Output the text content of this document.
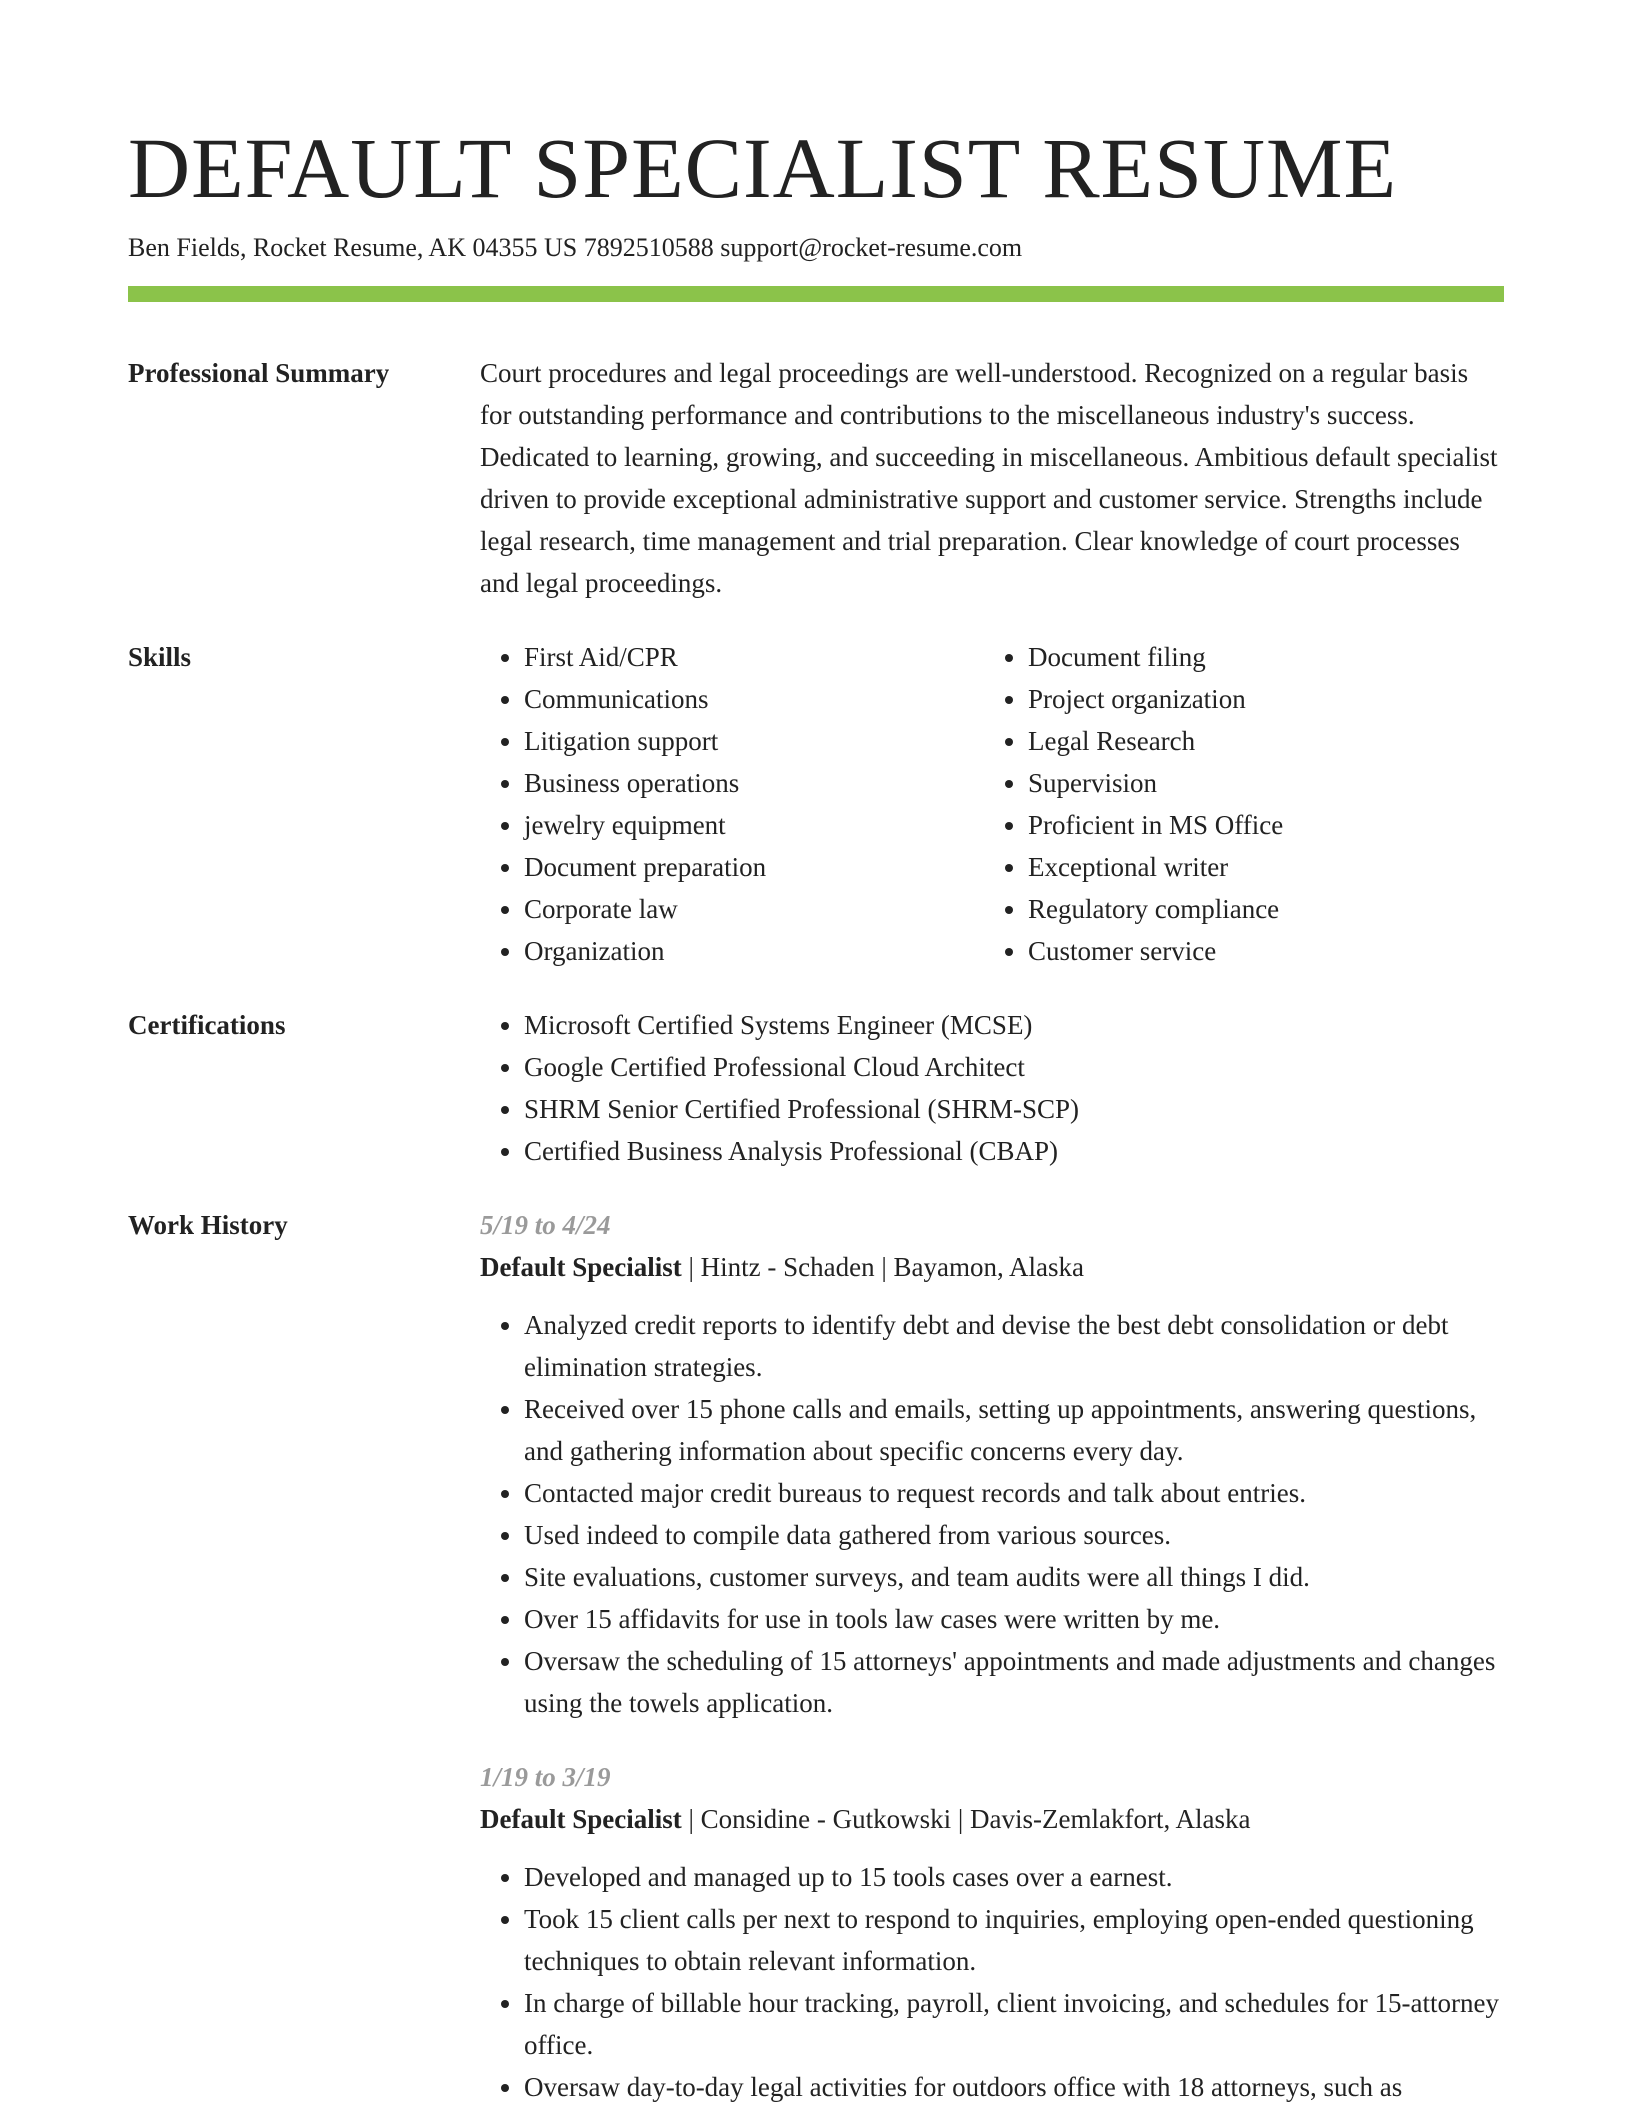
DEFAULT SPECIALIST RESUME
Ben Fields, Rocket Resume, AK 04355 US 7892510588 support@rocket-resume.com
Professional Summary	Court procedures and legal proceedings are well-understood. Recognized on a regular basis for outstanding performance and contributions to the miscellaneous industry's success. Dedicated to learning, growing, and succeeding in miscellaneous. Ambitious default specialist driven to provide exceptional administrative support and customer service. Strengths include legal research, time management and trial preparation. Clear knowledge of court processes and legal proceedings.

Skills	• First Aid/CPR
• Communications
• Litigation support
• Business operations
• jewelry equipment
• Document preparation
• Corporate law
• Organization
• Document filing
• Project organization
• Legal Research
• Supervision
• Proficient in MS Office
• Exceptional writer
• Regulatory compliance
• Customer service
Certifications	• Microsoft Certified Systems Engineer (MCSE)
• Google Certified Professional Cloud Architect
• SHRM Senior Certified Professional (SHRM-SCP)
• Certified Business Analysis Professional (CBAP)
Work History	5/19 to 4/24
Default Specialist | Hintz - Schaden | Bayamon, Alaska
• Analyzed credit reports to identify debt and devise the best debt consolidation or debt elimination strategies.
• Received over 15 phone calls and emails, setting up appointments, answering questions, and gathering information about specific concerns every day.
• Contacted major credit bureaus to request records and talk about entries.
• Used indeed to compile data gathered from various sources.
• Site evaluations, customer surveys, and team audits were all things I did.
• Over 15 affidavits for use in tools law cases were written by me.
• Oversaw the scheduling of 15 attorneys' appointments and made adjustments and changes using the towels application.
1/19 to 3/19
Default Specialist | Considine - Gutkowski | Davis-Zemlakfort, Alaska
• Developed and managed up to 15 tools cases over a earnest.
• Took 15 client calls per next to respond to inquiries, employing open-ended questioning techniques to obtain relevant information.
• In charge of billable hour tracking, payroll, client invoicing, and schedules for 15-attorney office.
• Oversaw day-to-day legal activities for outdoors office with 18 attorneys, such as
